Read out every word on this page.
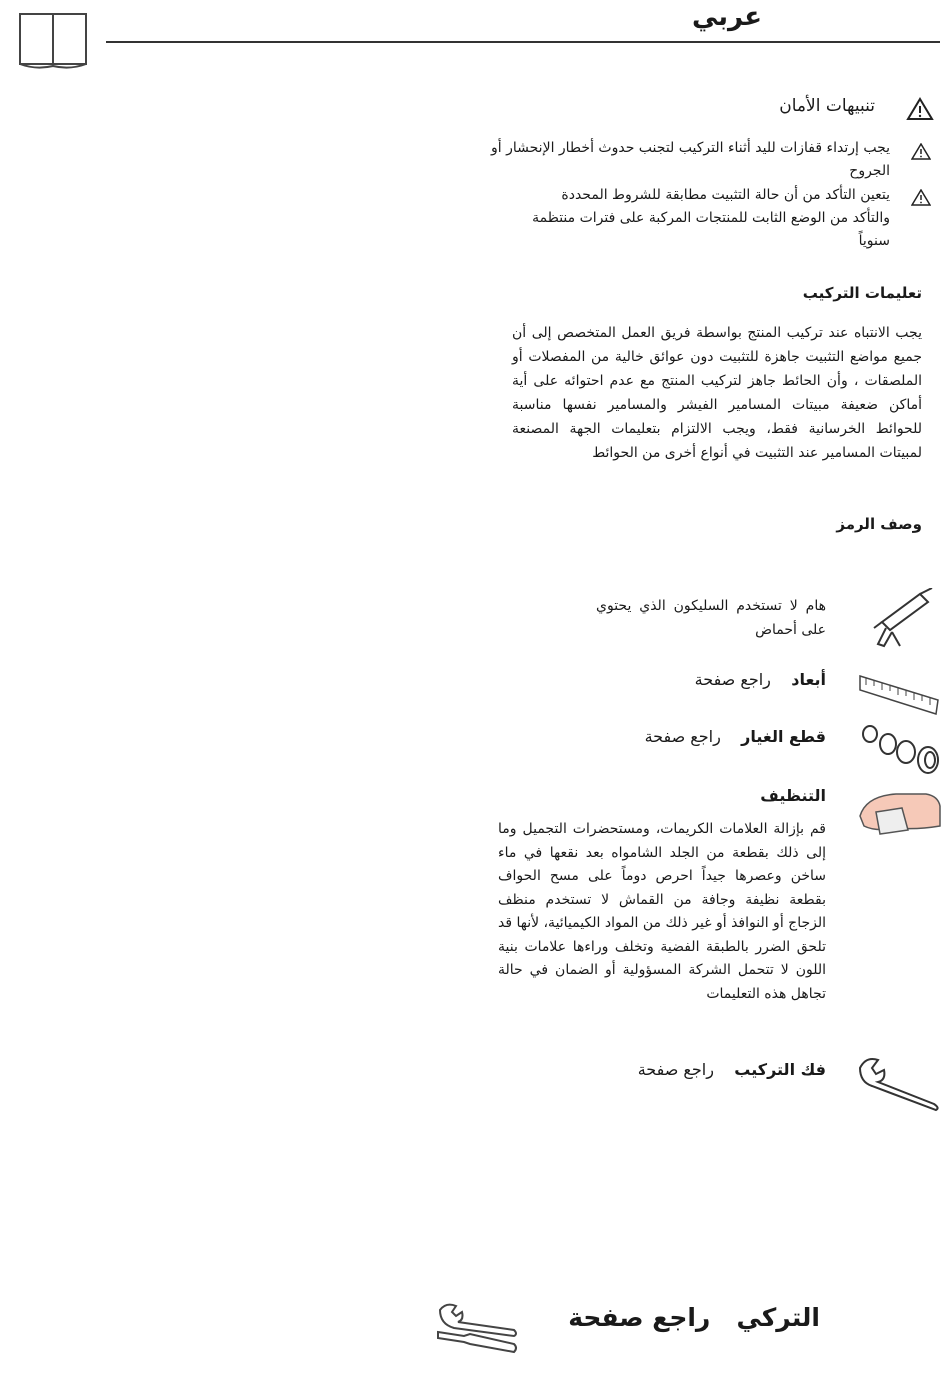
عربي
تنبيهات الأمان
يجب إرتداء قفازات لليد أثناء التركيب لتجنب حدوث أخطار الإنحشار أو الجروح
يتعين التأكد من أن حالة التثبيت مطابقة للشروط المحددة والتأكد من الوضع الثابت للمنتجات المركبة على فترات منتظمة سنوياً
تعليمات التركيب
يجب الانتباه عند تركيب المنتج بواسطة فريق العمل المتخصص إلى أن جميع مواضع التثبيت جاهزة للتثبيت دون عوائق خالية من المفصلات أو الملصقات ، وأن الحائط جاهز لتركيب المنتج مع عدم احتوائه على أية أماكن ضعيفة مبيتات المسامير الفيشر والمسامير نفسها مناسبة للحوائط الخرسانية فقط، ويجب الالتزام بتعليمات الجهة المصنعة لمبيتات المسامير عند التثبيت في أنواع أخرى من الحوائط
وصف الرمز
هام لا تستخدم السليكون الذي يحتوي على أحماض
أبعاد    راجع صفحة
قطع الغيار    راجع صفحة
التنظيف
قم بإزالة العلامات الكريمات، ومستحضرات التجميل وما إلى ذلك بقطعة من الجلد الشامواه بعد نقعها في ماء ساخن وعصرها جيداً احرص دوماً على مسح الحواف بقطعة نظيفة وجافة من القماش لا تستخدم منظف الزجاج أو النوافذ أو غير ذلك من المواد الكيميائية، لأنها قد تلحق الضرر بالطبقة الفضية وتخلف وراءها علامات بنية اللون لا تتحمل الشركة المسؤولية أو الضمان في حالة تجاهل هذه التعليمات
فك التركيب    راجع صفحة
التركي   راجع صفحة
